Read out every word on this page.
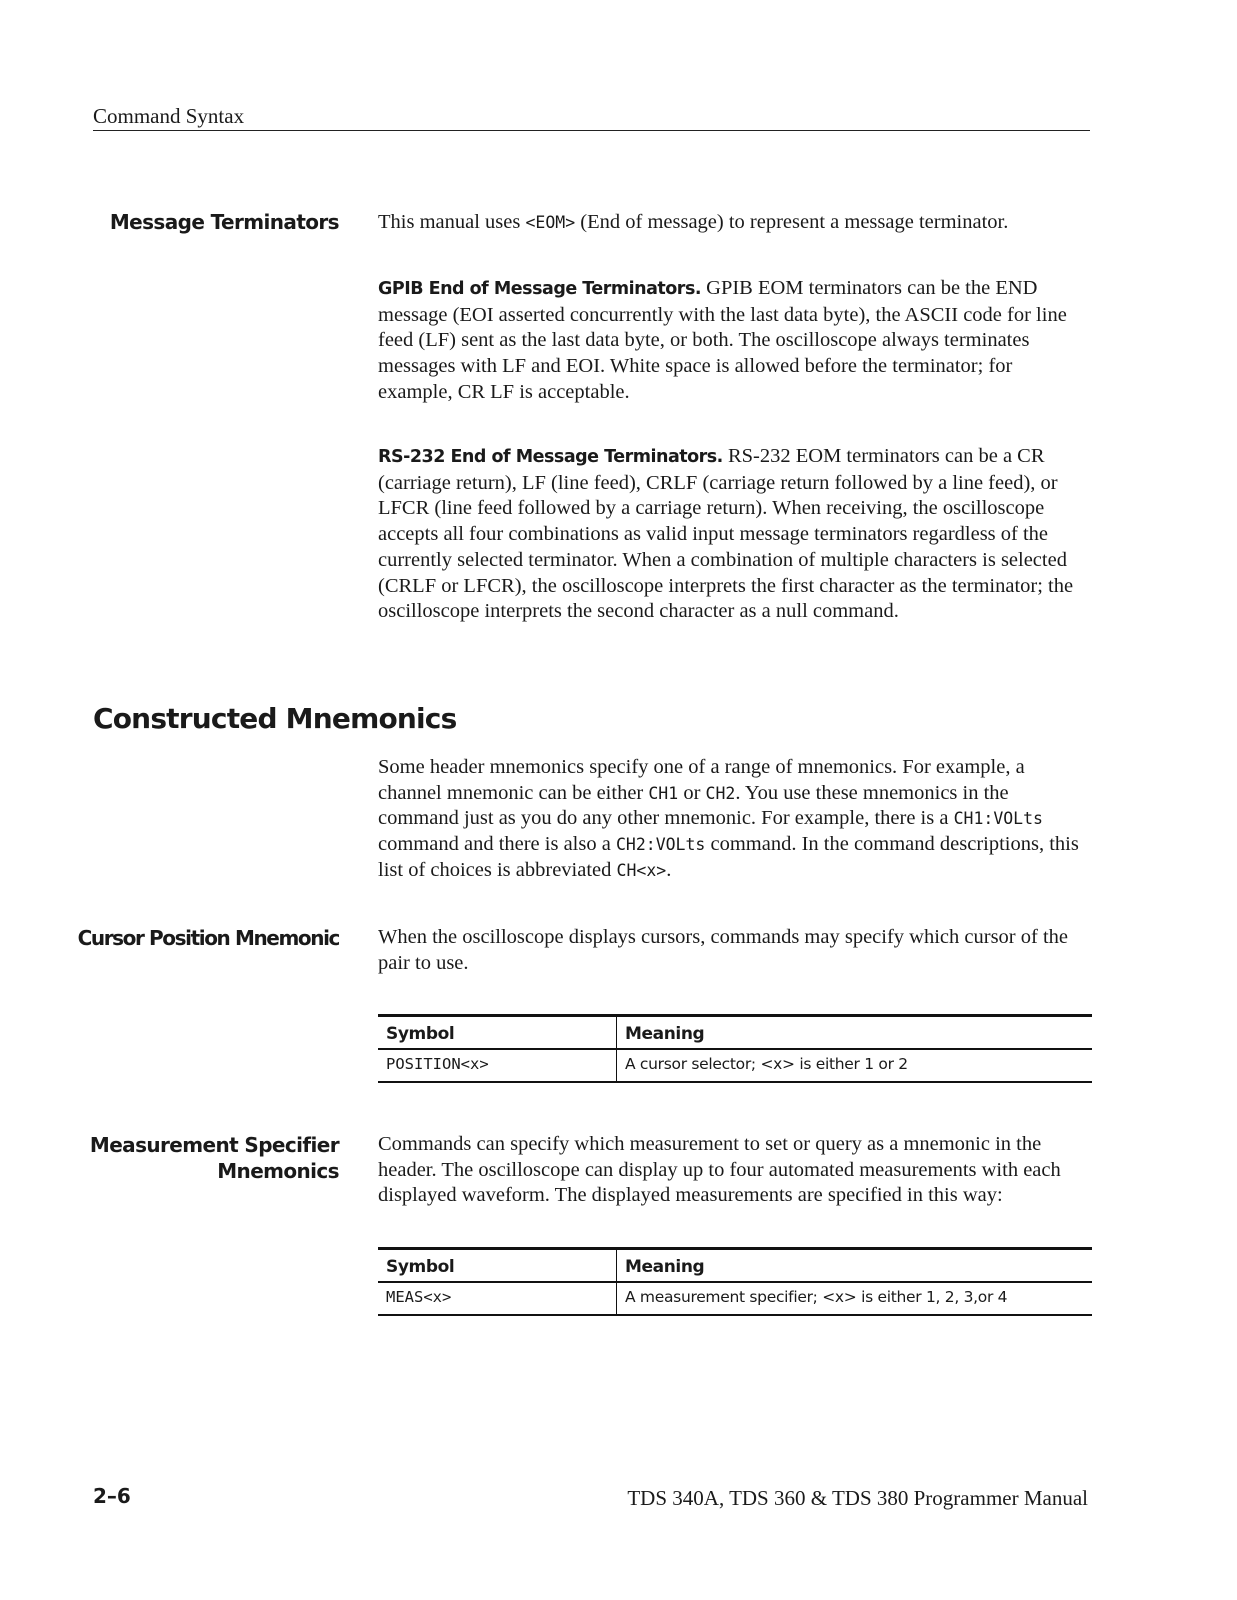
Command Syntax
Message Terminators This manual uses <EOM> (End of message) to represent a message terminator.
GPIB End of Message Terminators. GPIB EOM terminators can be the END message (EOI asserted concurrently with the last data byte), the ASCII code for line feed (LF) sent as the last data byte, or both. The oscilloscope always terminates messages with LF and EOI. White space is allowed before the terminator; for example, CR LF is acceptable.
RS-232 End of Message Terminators. RS-232 EOM terminators can be a CR (carriage return), LF (line feed), CRLF (carriage return followed by a line feed), or LFCR (line feed followed by a carriage return). When receiving, the oscilloscope accepts all four combinations as valid input message terminators regardless of the currently selected terminator. When a combination of multiple characters is selected (CRLF or LFCR), the oscilloscope interprets the first character as the terminator; the oscilloscope interprets the second character as a null command.
Constructed Mnemonics
Some header mnemonics specify one of a range of mnemonics. For example, a channel mnemonic can be either CH1 or CH2. You use these mnemonics in the command just as you do any other mnemonic. For example, there is a CH1:VOLts command and there is also a CH2:VOLts command. In the command descriptions, this list of choices is abbreviated CH<x>.
Cursor Position Mnemonic When the oscilloscope displays cursors, commands may specify which cursor of the pair to use.
Symbol	Meaning
POSITION<x>	A cursor selector; <x> is either 1 or 2
Measurement Specifier
Mnemonics
Commands can specify which measurement to set or query as a mnemonic in the header. The oscilloscope can display up to four automated measurements with each displayed waveform. The displayed measurements are specified in this way:
Symbol	Meaning
MEAS<x>	A measurement specifier; <x> is either 1, 2, 3,or 4
2–6	TDS 340A, TDS 360 & TDS 380 Programmer Manual
